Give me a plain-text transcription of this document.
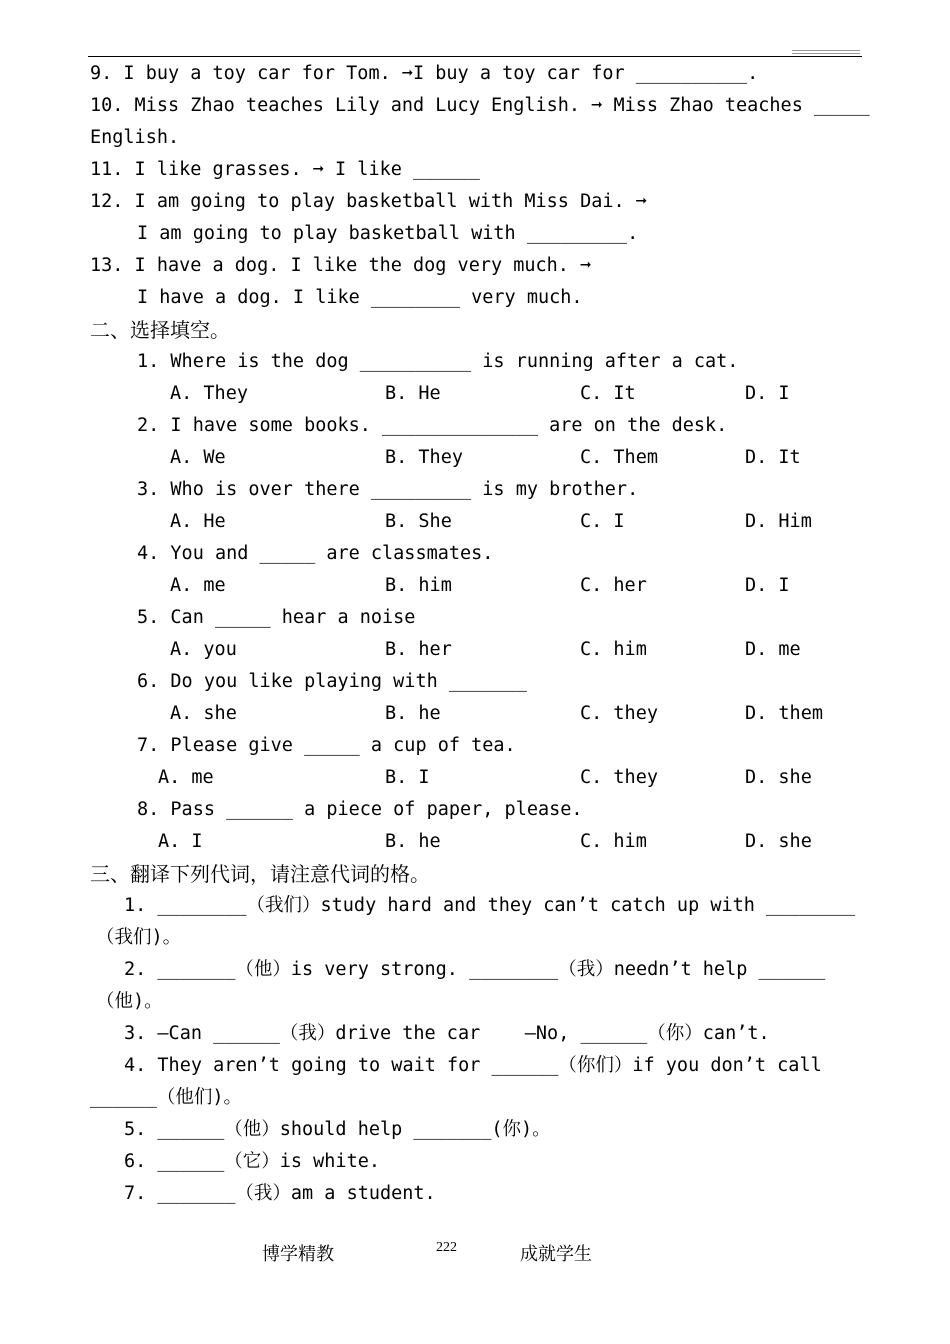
9. I buy a toy car for Tom. ➞I buy a toy car for __________.
10. Miss Zhao teaches Lily and Lucy English. ➞ Miss Zhao teaches _____
English.
11. I like grasses. ➞ I like ______
12. I am going to play basketball with Miss Dai. ➞
I am going to play basketball with _________.
13. I have a dog. I like the dog very much. ➞
I have a dog. I like ________ very much.
二、选择填空。
1. Where is the dog __________ is running after a cat.
A. They	B. He	C. It	D. I
2. I have some books. ______________ are on the desk.
A. We	B. They	C. Them	D. It
3. Who is over there _________ is my brother.
A. He	B. She	C. I	D. Him
4. You and _____ are classmates.
A. me	B. him	C. her	D. I
5. Can _____ hear a noise
A. you	B. her	C. him	D. me
6. Do you like playing with _______
A. she	B. he	C. they	D. them
7. Please give _____ a cup of tea.
A. me	B. I	C. they	D. she
8. Pass ______ a piece of paper, please.
A. I	B. he	C. him	D. she
三、翻译下列代词，请注意代词的格。
1. ________（我们）study hard and they can’t catch up with ________
（我们)。
2. _______（他）is very strong. ________（我）needn’t help ______
（他)。
3. —Can ______（我）drive the car    —No, ______（你）can’t.
4. They aren’t going to wait for ______（你们）if you don’t call
______（他们)。
5. ______（他）should help _______(你)。
6. ______（它）is white.
7. _______（我）am a student.
博学精教	222	成就学生
